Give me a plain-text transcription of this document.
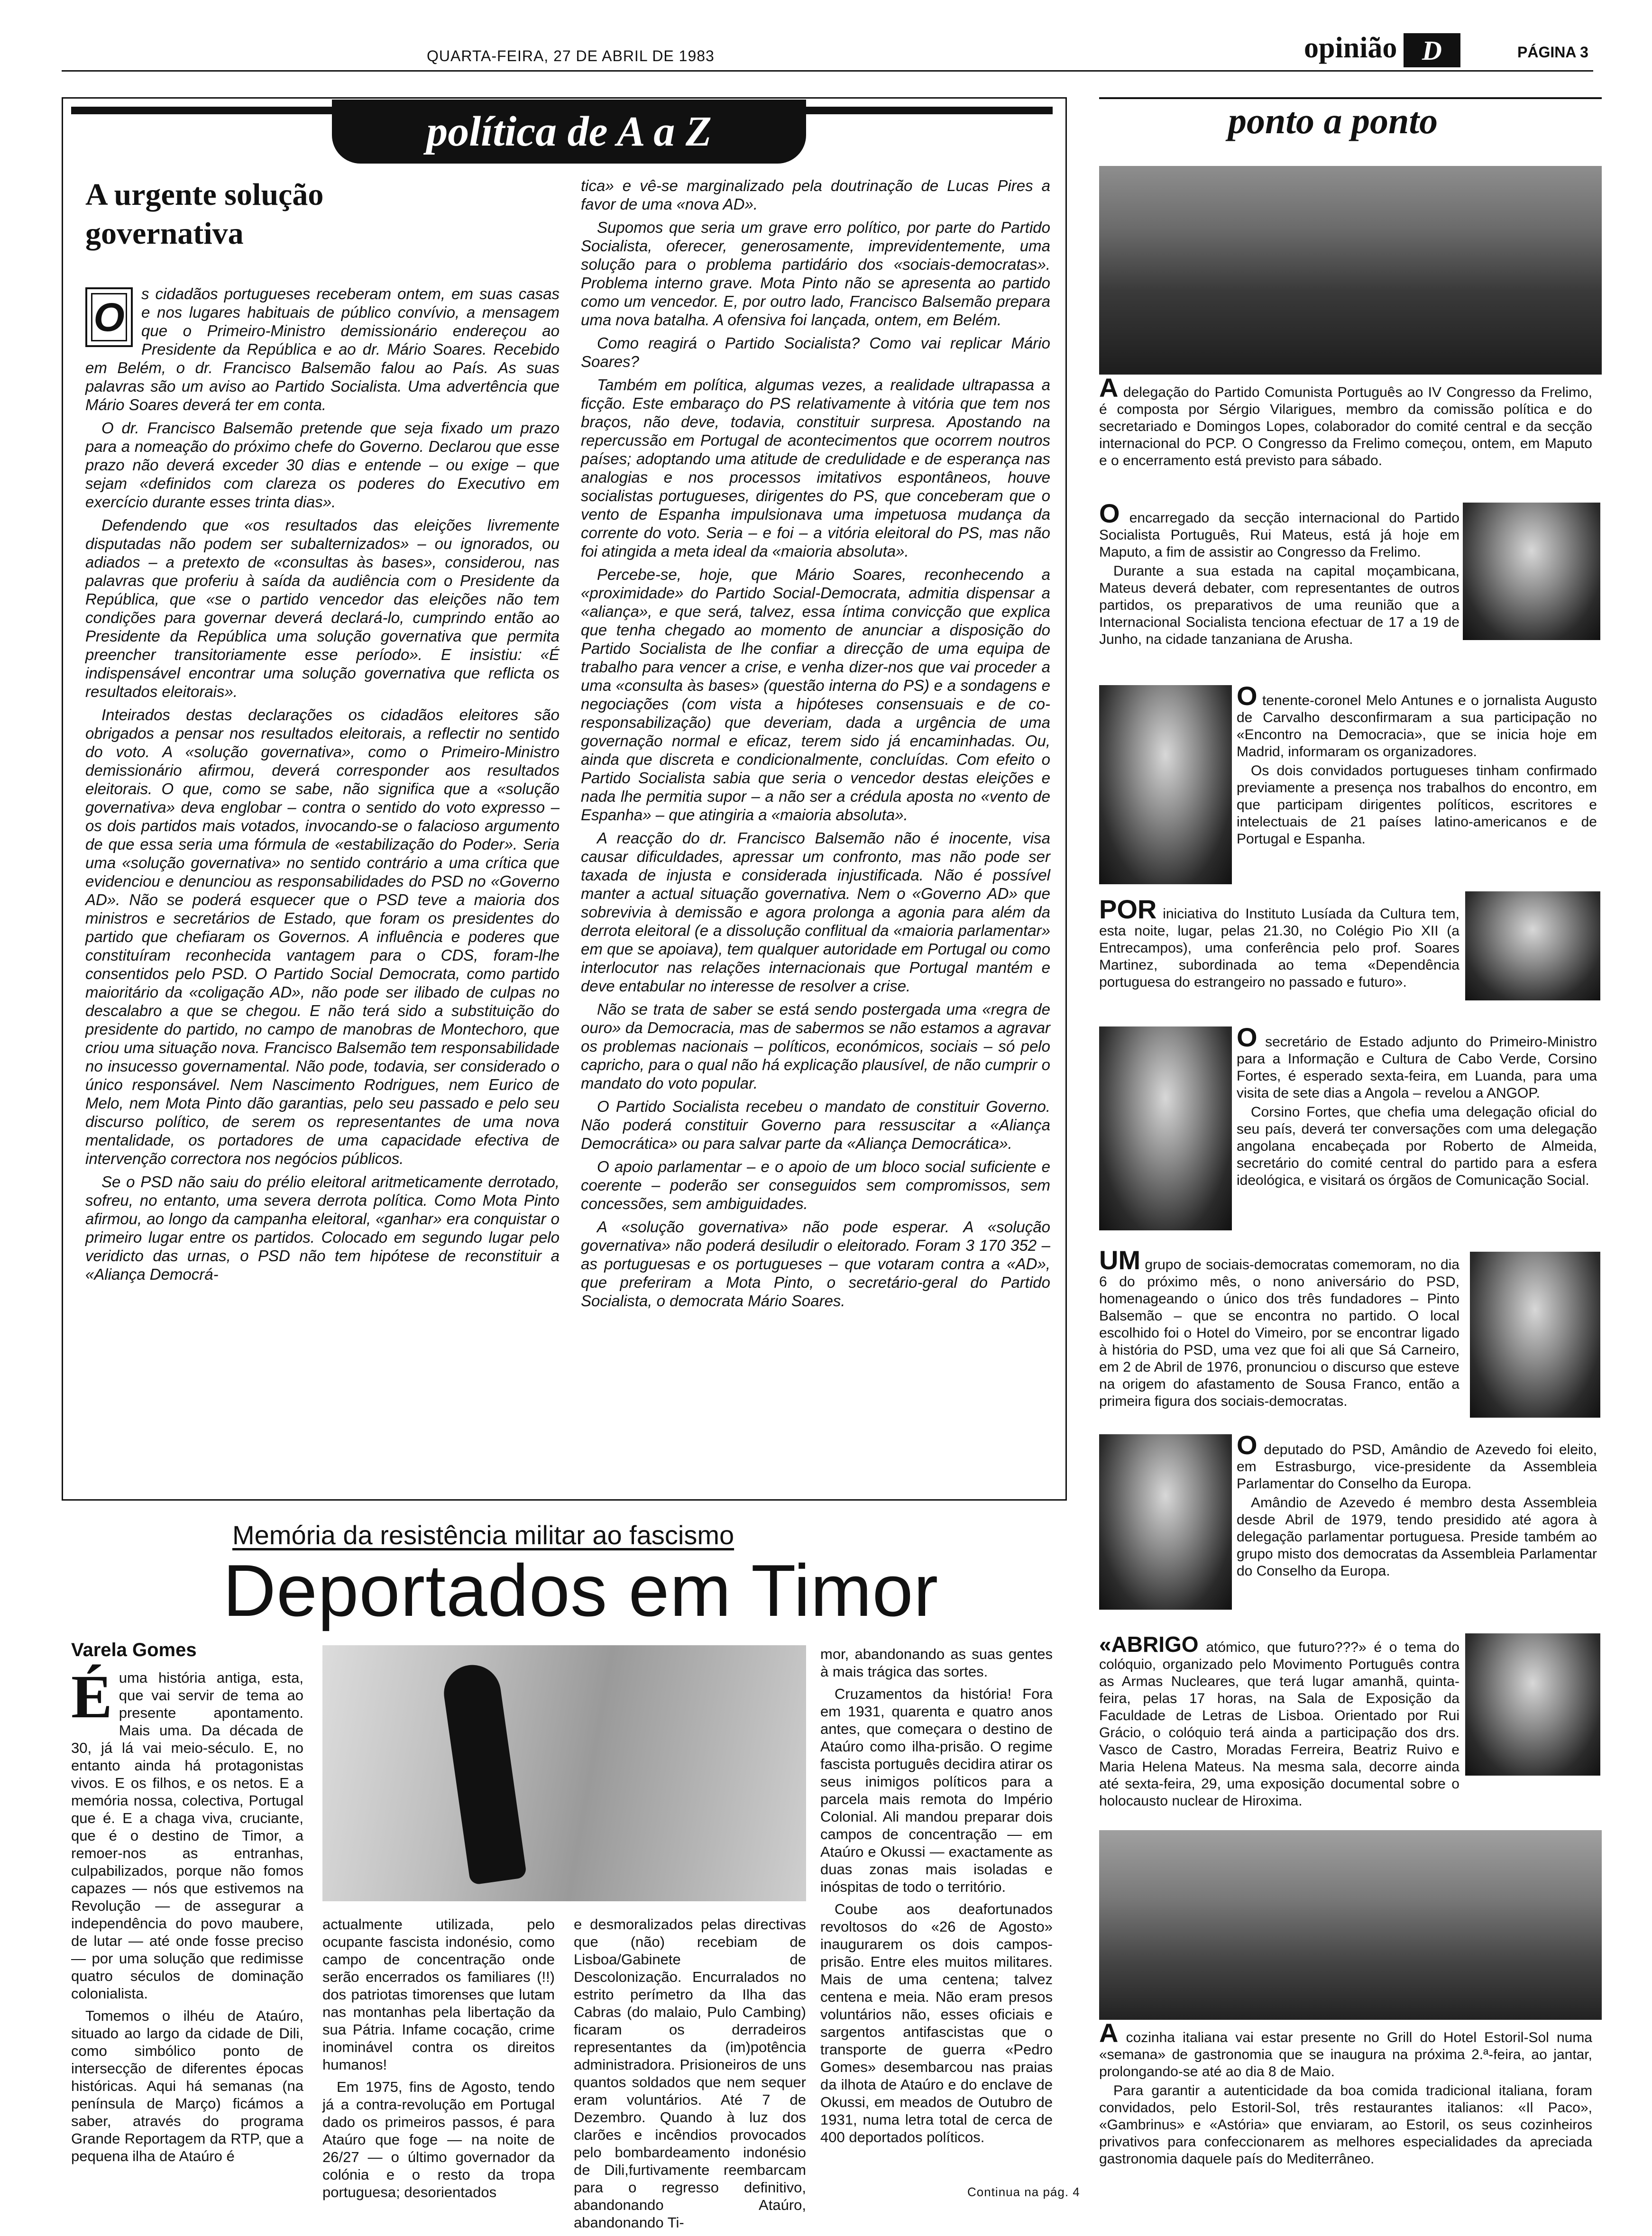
QUARTA-FEIRA, 27 DE ABRIL DE 1983	opinião D	PÁGINA 3
política de A a Z
A urgente solução governativa
O

s cidadãos portugueses receberam ontem, em suas casas e nos lugares habituais de público convívio, a mensagem que o Primeiro-Ministro demissionário endereçou ao Presidente da República e ao dr. Mário Soares. Recebido em Belém, o dr. Francisco Balsemão falou ao País. As suas palavras são um aviso ao Partido Socialista. Uma advertência que Mário Soares deverá ter em conta.

O dr. Francisco Balsemão pretende que seja fixado um prazo para a nomeação do próximo chefe do Governo. Declarou que esse prazo não deverá exceder 30 dias e entende – ou exige – que sejam «definidos com clareza os poderes do Executivo em exercício durante esses trinta dias».

Defendendo que «os resultados das eleições livremente disputadas não podem ser subalternizados» – ou ignorados, ou adiados – a pretexto de «consultas às bases», considerou, nas palavras que proferiu à saída da audiência com o Presidente da República, que «se o partido vencedor das eleições não tem condições para governar deverá declará-lo, cumprindo então ao Presidente da República uma solução governativa que permita preencher transitoriamente esse período». E insistiu: «É indispensável encontrar uma solução governativa que reflicta os resultados eleitorais».

Inteirados destas declarações os cidadãos eleitores são obrigados a pensar nos resultados eleitorais, a reflectir no sentido do voto. A «solução governativa», como o Primeiro-Ministro demissionário afirmou, deverá corresponder aos resultados eleitorais. O que, como se sabe, não significa que a «solução governativa» deva englobar – contra o sentido do voto expresso – os dois partidos mais votados, invocando-se o falacioso argumento de que essa seria uma fórmula de «estabilização do Poder». Seria uma «solução governativa» no sentido contrário a uma crítica que evidenciou e denunciou as responsabilidades do PSD no «Governo AD». Não se poderá esquecer que o PSD teve a maioria dos ministros e secretários de Estado, que foram os presidentes do partido que chefiaram os Governos. A influência e poderes que constituíram reconhecida vantagem para o CDS, foram-lhe consentidos pelo PSD. O Partido Social Democrata, como partido maioritário da «coligação AD», não pode ser ilibado de culpas no descalabro a que se chegou. E não terá sido a substituição do presidente do partido, no campo de manobras de Montechoro, que criou uma situação nova. Francisco Balsemão tem responsabilidade no insucesso governamental. Não pode, todavia, ser considerado o único responsável. Nem Nascimento Rodrigues, nem Eurico de Melo, nem Mota Pinto dão garantias, pelo seu passado e pelo seu discurso político, de serem os representantes de uma nova mentalidade, os portadores de uma capacidade efectiva de intervenção correctora nos negócios públicos.

Se o PSD não saiu do prélio eleitoral aritmeticamente derrotado, sofreu, no entanto, uma severa derrota política. Como Mota Pinto afirmou, ao longo da campanha eleitoral, «ganhar» era conquistar o primeiro lugar entre os partidos. Colocado em segundo lugar pelo veridicto das urnas, o PSD não tem hipótese de reconstituir a «Aliança Democrá-

tica» e vê-se marginalizado pela doutrinação de Lucas Pires a favor de uma «nova AD».

Supomos que seria um grave erro político, por parte do Partido Socialista, oferecer, generosamente, imprevidentemente, uma solução para o problema partidário dos «sociais-democratas». Problema interno grave. Mota Pinto não se apresenta ao partido como um vencedor. E, por outro lado, Francisco Balsemão prepara uma nova batalha. A ofensiva foi lançada, ontem, em Belém.

Como reagirá o Partido Socialista? Como vai replicar Mário Soares?

Também em política, algumas vezes, a realidade ultrapassa a ficção. Este embaraço do PS relativamente à vitória que tem nos braços, não deve, todavia, constituir surpresa. Apostando na repercussão em Portugal de acontecimentos que ocorrem noutros países; adoptando uma atitude de credulidade e de esperança nas analogias e nos processos imitativos espontâneos, houve socialistas portugueses, dirigentes do PS, que conceberam que o vento de Espanha impulsionava uma impetuosa mudança da corrente do voto. Seria – e foi – a vitória eleitoral do PS, mas não foi atingida a meta ideal da «maioria absoluta».

Percebe-se, hoje, que Mário Soares, reconhecendo a «proximidade» do Partido Social-Democrata, admitia dispensar a «aliança», e que será, talvez, essa íntima convicção que explica que tenha chegado ao momento de anunciar a disposição do Partido Socialista de lhe confiar a direcção de uma equipa de trabalho para vencer a crise, e venha dizer-nos que vai proceder a uma «consulta às bases» (questão interna do PS) e a sondagens e negociações (com vista a hipóteses consensuais e de co-responsabilização) que deveriam, dada a urgência de uma governação normal e eficaz, terem sido já encaminhadas. Ou, ainda que discreta e condicionalmente, concluídas. Com efeito o Partido Socialista sabia que seria o vencedor destas eleições e nada lhe permitia supor – a não ser a crédula aposta no «vento de Espanha» – que atingiria a «maioria absoluta».

A reacção do dr. Francisco Balsemão não é inocente, visa causar dificuldades, apressar um confronto, mas não pode ser taxada de injusta e considerada injustificada. Não é possível manter a actual situação governativa. Nem o «Governo AD» que sobrevivia à demissão e agora prolonga a agonia para além da derrota eleitoral (e a dissolução conflitual da «maioria parlamentar» em que se apoiava), tem qualquer autoridade em Portugal ou como interlocutor nas relações internacionais que Portugal mantém e deve entabular no interesse de resolver a crise.

Não se trata de saber se está sendo postergada uma «regra de ouro» da Democracia, mas de sabermos se não estamos a agravar os problemas nacionais – políticos, económicos, sociais – só pelo capricho, para o qual não há explicação plausível, de não cumprir o mandato do voto popular.

O Partido Socialista recebeu o mandato de constituir Governo. Não poderá constituir Governo para ressuscitar a «Aliança Democrática» ou para salvar parte da «Aliança Democrática».

O apoio parlamentar – e o apoio de um bloco social suficiente e coerente – poderão ser conseguidos sem compromissos, sem concessões, sem ambiguidades.

A «solução governativa» não pode esperar. A «solução governativa» não poderá desiludir o eleitorado. Foram 3 170 352 – as portuguesas e os portugueses – que votaram contra a «AD», que preferiram a Mota Pinto, o secretário-geral do Partido Socialista, o democrata Mário Soares.

ponto a ponto

A delegação do Partido Comunista Português ao IV Congresso da Frelimo, é composta por Sérgio Vilarigues, membro da comissão política e do secretariado e Domingos Lopes, colaborador do comité central e da secção internacional do PCP. O Congresso da Frelimo começou, ontem, em Maputo e o encerramento está previsto para sábado.

O encarregado da secção internacional do Partido Socialista Português, Rui Mateus, está já hoje em Maputo, a fim de assistir ao Congresso da Frelimo.

Durante a sua estada na capital moçambicana, Mateus deverá debater, com representantes de outros partidos, os preparativos de uma reunião que a Internacional Socialista tenciona efectuar de 17 a 19 de Junho, na cidade tanzaniana de Arusha.

O tenente-coronel Melo Antunes e o jornalista Augusto de Carvalho desconfirmaram a sua participação no «Encontro na Democracia», que se inicia hoje em Madrid, informaram os organizadores.

Os dois convidados portugueses tinham confirmado previamente a presença nos trabalhos do encontro, em que participam dirigentes políticos, escritores e intelectuais de 21 países latino-americanos e de Portugal e Espanha.

POR iniciativa do Instituto Lusíada da Cultura tem, esta noite, lugar, pelas 21.30, no Colégio Pio XII (a Entrecampos), uma conferência pelo prof. Soares Martinez, subordinada ao tema «Dependência portuguesa do estrangeiro no passado e futuro».

O secretário de Estado adjunto do Primeiro-Ministro para a Informação e Cultura de Cabo Verde, Corsino Fortes, é esperado sexta-feira, em Luanda, para uma visita de sete dias a Angola – revelou a ANGOP.

Corsino Fortes, que chefia uma delegação oficial do seu país, deverá ter conversações com uma delegação angolana encabeçada por Roberto de Almeida, secretário do comité central do partido para a esfera ideológica, e visitará os órgãos de Comunicação Social.

UM grupo de sociais-democratas comemoram, no dia 6 do próximo mês, o nono aniversário do PSD, homenageando o único dos três fundadores – Pinto Balsemão – que se encontra no partido. O local escolhido foi o Hotel do Vimeiro, por se encontrar ligado à história do PSD, uma vez que foi ali que Sá Carneiro, em 2 de Abril de 1976, pronunciou o discurso que esteve na origem do afastamento de Sousa Franco, então a primeira figura dos sociais-democratas.

O deputado do PSD, Amândio de Azevedo foi eleito, em Estrasburgo, vice-presidente da Assembleia Parlamentar do Conselho da Europa.

Amândio de Azevedo é membro desta Assembleia desde Abril de 1979, tendo presidido até agora à delegação parlamentar portuguesa. Preside também ao grupo misto dos democratas da Assembleia Parlamentar do Conselho da Europa.

«ABRIGO atómico, que futuro???» é o tema do colóquio, organizado pelo Movimento Português contra as Armas Nucleares, que terá lugar amanhã, quinta-feira, pelas 17 horas, na Sala de Exposição da Faculdade de Letras de Lisboa. Orientado por Rui Grácio, o colóquio terá ainda a participação dos drs. Vasco de Castro, Moradas Ferreira, Beatriz Ruivo e Maria Helena Mateus. Na mesma sala, decorre ainda até sexta-feira, 29, uma exposição documental sobre o holocausto nuclear de Hiroxima.

A cozinha italiana vai estar presente no Grill do Hotel Estoril-Sol numa «semana» de gastronomia que se inaugura na próxima 2.ª-feira, ao jantar, prolongando-se até ao dia 8 de Maio.

Para garantir a autenticidade da boa comida tradicional italiana, foram convidados, pelo Estoril-Sol, três restaurantes italianos: «Il Paco», «Gambrinus» e «Astória» que enviaram, ao Estoril, os seus cozinheiros privativos para confeccionarem as melhores especialidades da apreciada gastronomia daquele país do Mediterrâneo.

Memória da resistência militar ao fascismo
Deportados em Timor
Varela Gomes
É uma história antiga, esta, que vai servir de tema ao presente apontamento. Mais uma. Da década de 30, já lá vai meio-século. E, no entanto ainda há protagonistas vivos. E os filhos, e os netos. E a memória nossa, colectiva, Portugal que é. E a chaga viva, cruciante, que é o destino de Timor, a remoer-nos as entranhas, culpabilizados, porque não fomos capazes — nós que estivemos na Revolução — de assegurar a independência do povo maubere, de lutar — até onde fosse preciso — por uma solução que redimisse quatro séculos de dominação colonialista.

Tomemos o ilhéu de Ataúro, situado ao largo da cidade de Dili, como simbólico ponto de intersecção de diferentes épocas históricas. Aqui há semanas (na península de Março) ficámos a saber, através do programa Grande Reportagem da RTP, que a pequena ilha de Ataúro é

actualmente utilizada, pelo ocupante fascista indonésio, como campo de concentração onde serão encerrados os familiares (!!) dos patriotas timorenses que lutam nas montanhas pela libertação da sua Pátria. Infame cocação, crime inominável contra os direitos humanos!

Em 1975, fins de Agosto, tendo já a contra-revolução em Portugal dado os primeiros passos, é para Ataúro que foge — na noite de 26/27 — o último governador da colónia e o resto da tropa portuguesa; desorientados

e desmoralizados pelas directivas que (não) recebiam de Lisboa/Gabinete de Descolonização. Encurralados no estrito perímetro da Ilha das Cabras (do malaio, Pulo Cambing) ficaram os derradeiros representantes da (im)potência administradora. Prisioneiros de uns quantos soldados que nem sequer eram voluntários. Até 7 de Dezembro. Quando à luz dos clarões e incêndios provocados pelo bombardeamento indonésio de Dili,furtivamente reembarcam para o regresso definitivo, abandonando Ataúro, abandonando Ti-

mor, abandonando as suas gentes à mais trágica das sortes.

Cruzamentos da história! Fora em 1931, quarenta e quatro anos antes, que começara o destino de Ataúro como ilha-prisão. O regime fascista português decidira atirar os seus inimigos políticos para a parcela mais remota do Império Colonial. Ali mandou preparar dois campos de concentração — em Ataúro e Okussi — exactamente as duas zonas mais isoladas e inóspitas de todo o território.

Coube aos deafortunados revoltosos do «26 de Agosto» inaugurarem os dois campos-prisão. Entre eles muitos militares. Mais de uma centena; talvez centena e meia. Não eram presos voluntários não, esses oficiais e sargentos antifascistas que o transporte de guerra «Pedro Gomes» desembarcou nas praias da ilhota de Ataúro e do enclave de Okussi, em meados de Outubro de 1931, numa letra total de cerca de 400 deportados políticos.

Continua na pág. 4
